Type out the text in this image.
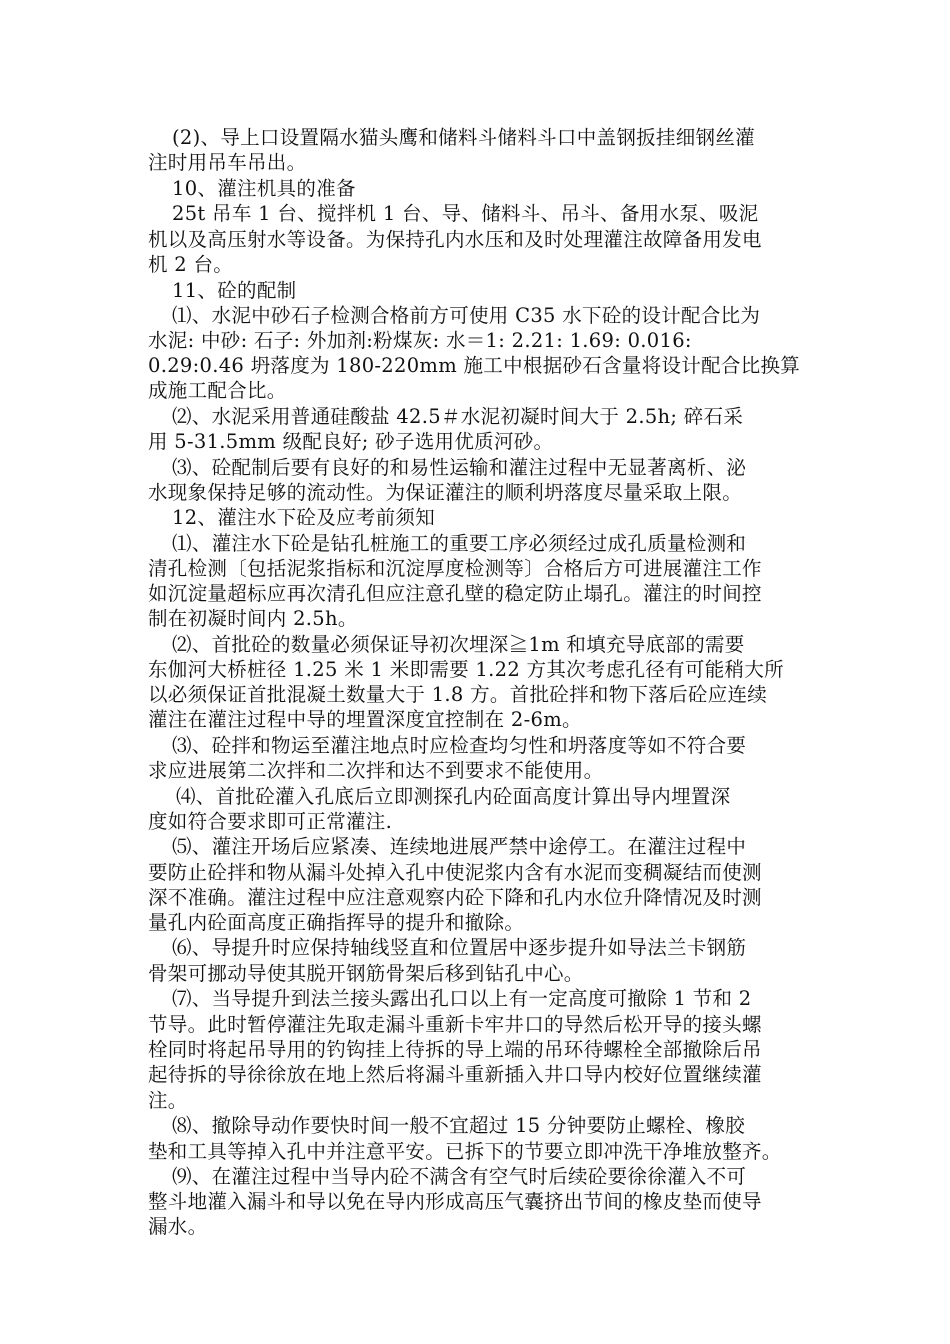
(2)、导上口设置隔水猫头鹰和储料斗储料斗口中盖钢扳挂细钢丝灌
注时用吊车吊出。
10、灌注机具的准备
25t 吊车 1 台、搅拌机 1 台、导、储料斗、吊斗、备用水泵、吸泥
机以及高压射水等设备。为保持孔内水压和及时处理灌注故障备用发电
机 2 台。
11、砼的配制
⑴、水泥中砂石子检测合格前方可使用 C35 水下砼的设计配合比为
水泥: 中砂: 石子: 外加剂:粉煤灰: 水＝1: 2.21: 1.69: 0.016:
0.29:0.46 坍落度为 180-220mm 施工中根据砂石含量将设计配合比换算
成施工配合比。
⑵、水泥采用普通硅酸盐 42.5＃水泥初凝时间大于 2.5h; 碎石采
用 5-31.5mm 级配良好; 砂子选用优质河砂。
⑶、砼配制后要有良好的和易性运输和灌注过程中无显著离析、泌
水现象保持足够的流动性。为保证灌注的顺利坍落度尽量采取上限。
12、灌注水下砼及应考前须知
⑴、灌注水下砼是钻孔桩施工的重要工序必须经过成孔质量检测和
清孔检测〔包括泥浆指标和沉淀厚度检测等〕合格后方可进展灌注工作
如沉淀量超标应再次清孔但应注意孔壁的稳定防止塌孔。灌注的时间控
制在初凝时间内 2.5h。
⑵、首批砼的数量必须保证导初次埋深≧1m 和填充导底部的需要
东伽河大桥桩径 1.25 米 1 米即需要 1.22 方其次考虑孔径有可能稍大所
以必须保证首批混凝土数量大于 1.8 方。首批砼拌和物下落后砼应连续
灌注在灌注过程中导的埋置深度宜控制在 2-6m。
⑶、砼拌和物运至灌注地点时应检查均匀性和坍落度等如不符合要
求应进展第二次拌和二次拌和达不到要求不能使用。
⑷、首批砼灌入孔底后立即测探孔内砼面高度计算出导内埋置深
度如符合要求即可正常灌注.
⑸、灌注开场后应紧凑、连续地进展严禁中途停工。在灌注过程中
要防止砼拌和物从漏斗处掉入孔中使泥浆内含有水泥而变稠凝结而使测
深不准确。灌注过程中应注意观察内砼下降和孔内水位升降情况及时测
量孔内砼面高度正确指挥导的提升和撤除。
⑹、导提升时应保持轴线竖直和位置居中逐步提升如导法兰卡钢筋
骨架可挪动导使其脱开钢筋骨架后移到钻孔中心。
⑺、当导提升到法兰接头露出孔口以上有一定高度可撤除 1 节和 2
节导。此时暂停灌注先取走漏斗重新卡牢井口的导然后松开导的接头螺
栓同时将起吊导用的钓钩挂上待拆的导上端的吊环待螺栓全部撤除后吊
起待拆的导徐徐放在地上然后将漏斗重新插入井口导内校好位置继续灌
注。
⑻、撤除导动作要快时间一般不宜超过 15 分钟要防止螺栓、橡胶
垫和工具等掉入孔中并注意平安。已拆下的节要立即冲洗干净堆放整齐。
⑼、在灌注过程中当导内砼不满含有空气时后续砼要徐徐灌入不可
整斗地灌入漏斗和导以免在导内形成高压气囊挤出节间的橡皮垫而使导
漏水。
